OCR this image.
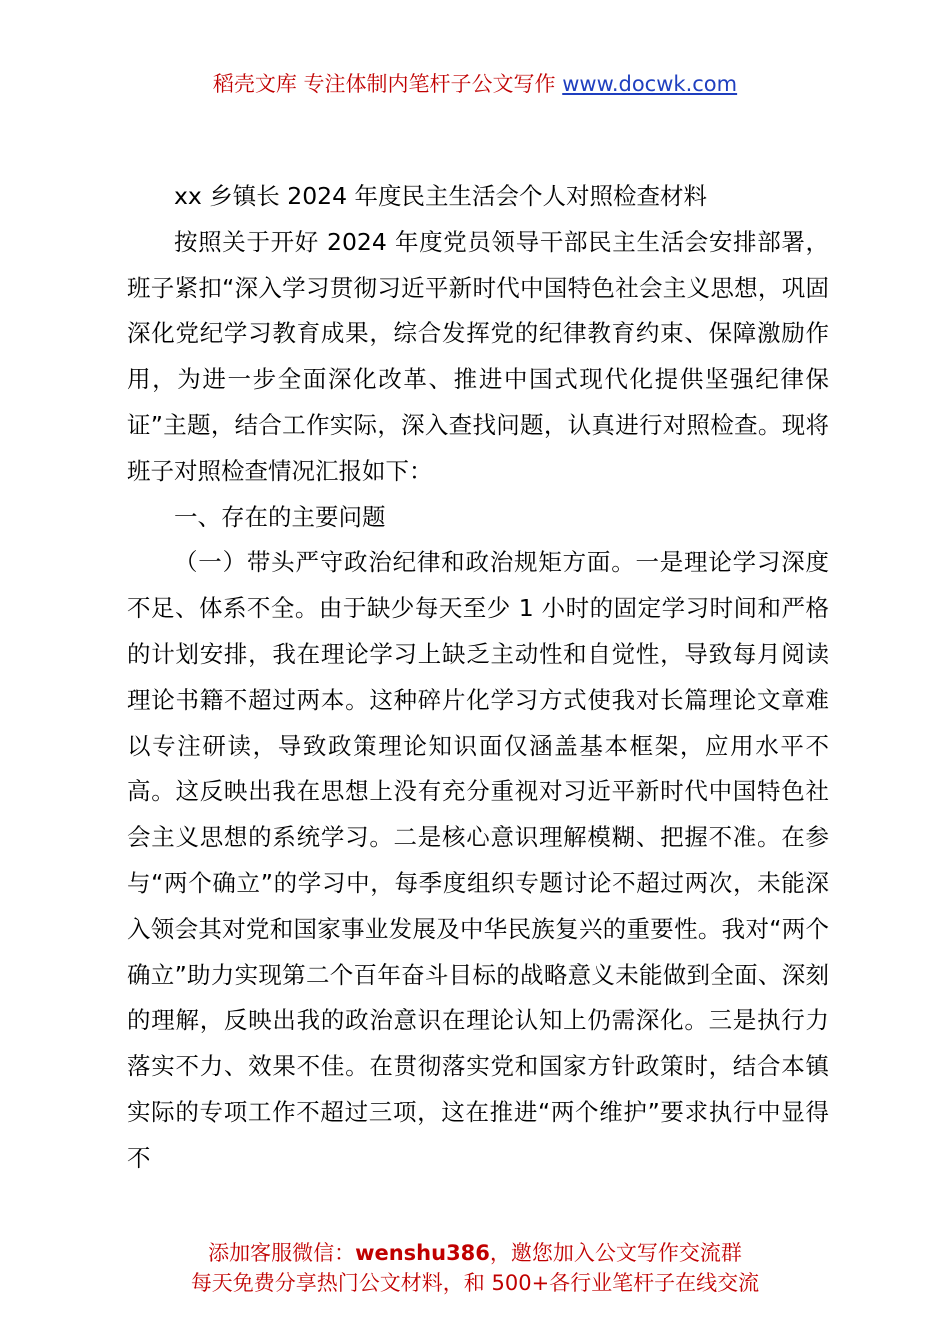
稻壳文库 专注体制内笔杆子公文写作 www.docwk.com

xx 乡镇长 2024 年度民主生活会个人对照检查材料

按照关于开好 2024 年度党员领导干部民主生活会安排部署，班子紧扣“深入学习贯彻习近平新时代中国特色社会主义思想，巩固深化党纪学习教育成果，综合发挥党的纪律教育约束、保障激励作用，为进一步全面深化改革、推进中国式现代化提供坚强纪律保证”主题，结合工作实际，深入查找问题，认真进行对照检查。现将班子对照检查情况汇报如下：

一、存在的主要问题

（一）带头严守政治纪律和政治规矩方面。一是理论学习深度不足、体系不全。由于缺少每天至少 1 小时的固定学习时间和严格的计划安排，我在理论学习上缺乏主动性和自觉性，导致每月阅读理论书籍不超过两本。这种碎片化学习方式使我对长篇理论文章难以专注研读，导致政策理论知识面仅涵盖基本框架，应用水平不高。这反映出我在思想上没有充分重视对习近平新时代中国特色社会主义思想的系统学习。二是核心意识理解模糊、把握不准。在参与“两个确立”的学习中，每季度组织专题讨论不超过两次，未能深入领会其对党和国家事业发展及中华民族复兴的重要性。我对“两个确立”助力实现第二个百年奋斗目标的战略意义未能做到全面、深刻的理解，反映出我的政治意识在理论认知上仍需深化。三是执行力落实不力、效果不佳。在贯彻落实党和国家方针政策时，结合本镇实际的专项工作不超过三项，这在推进“两个维护”要求执行中显得不

添加客服微信：wenshu386，邀您加入公文写作交流群
每天免费分享热门公文材料，和 500+各行业笔杆子在线交流
